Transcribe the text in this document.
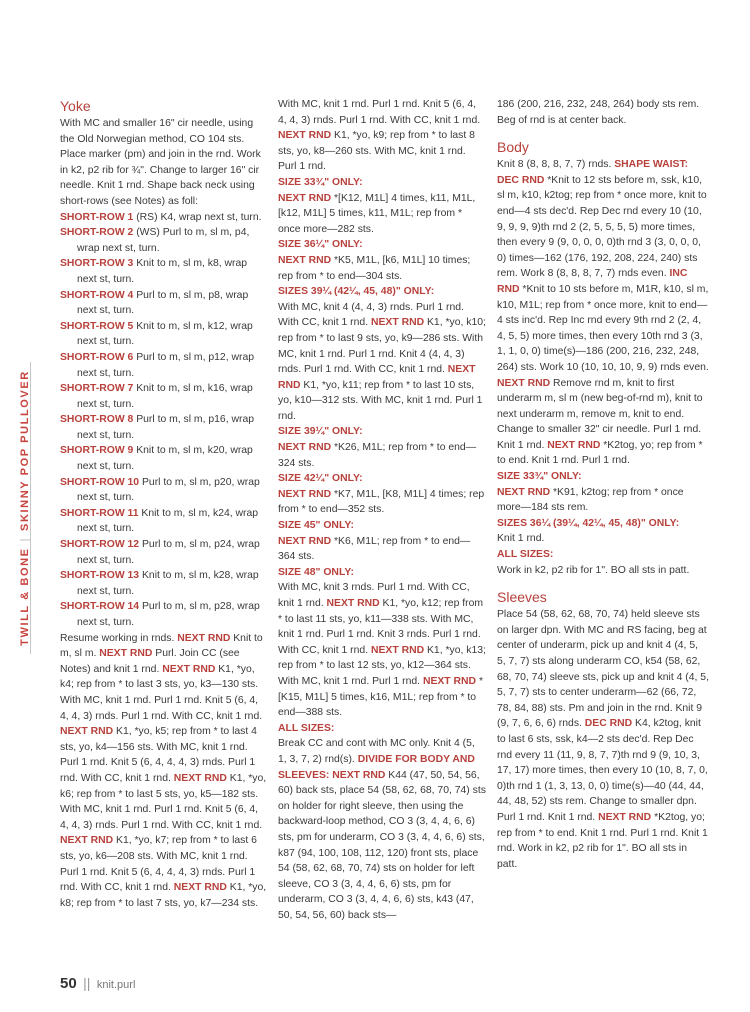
TWILL & BONE|SKINNY POP PULLOVER
Yoke

With MC and smaller 16" cir needle, using the Old Norwegian method, CO 104 sts. Place marker (pm) and join in the rnd. Work in k2, p2 rib for ¾". Change to larger 16" cir needle. Knit 1 rnd. Shape back neck using short-rows (see Notes) as foll:

SHORT-ROW 1 (RS) K4, wrap next st, turn.

SHORT-ROW 2 (WS) Purl to m, sl m, p4, wrap next st, turn.

SHORT-ROW 3 Knit to m, sl m, k8, wrap next st, turn.

SHORT-ROW 4 Purl to m, sl m, p8, wrap next st, turn.

SHORT-ROW 5 Knit to m, sl m, k12, wrap next st, turn.

SHORT-ROW 6 Purl to m, sl m, p12, wrap next st, turn.

SHORT-ROW 7 Knit to m, sl m, k16, wrap next st, turn.

SHORT-ROW 8 Purl to m, sl m, p16, wrap next st, turn.

SHORT-ROW 9 Knit to m, sl m, k20, wrap next st, turn.

SHORT-ROW 10 Purl to m, sl m, p20, wrap next st, turn.

SHORT-ROW 11 Knit to m, sl m, k24, wrap next st, turn.

SHORT-ROW 12 Purl to m, sl m, p24, wrap next st, turn.

SHORT-ROW 13 Knit to m, sl m, k28, wrap next st, turn.

SHORT-ROW 14 Purl to m, sl m, p28, wrap next st, turn.

Resume working in rnds. NEXT RND Knit to m, sl m. NEXT RND Purl. Join CC (see Notes) and knit 1 rnd. NEXT RND K1, *yo, k4; rep from * to last 3 sts, yo, k3—130 sts. With MC, knit 1 rnd. Purl 1 rnd. Knit 5 (6, 4, 4, 4, 3) rnds. Purl 1 rnd. With CC, knit 1 rnd. NEXT RND K1, *yo, k5; rep from * to last 4 sts, yo, k4—156 sts. With MC, knit 1 rnd. Purl 1 rnd. Knit 5 (6, 4, 4, 4, 3) rnds. Purl 1 rnd. With CC, knit 1 rnd. NEXT RND K1, *yo, k6; rep from * to last 5 sts, yo, k5—182 sts. With MC, knit 1 rnd. Purl 1 rnd. Knit 5 (6, 4, 4, 4, 3) rnds. Purl 1 rnd. With CC, knit 1 rnd. NEXT RND K1, *yo, k7; rep from * to last 6 sts, yo, k6—208 sts. With MC, knit 1 rnd. Purl 1 rnd. Knit 5 (6, 4, 4, 4, 3) rnds. Purl 1 rnd. With CC, knit 1 rnd. NEXT RND K1, *yo, k8; rep from * to last 7 sts, yo, k7—234 sts.

With MC, knit 1 rnd. Purl 1 rnd. Knit 5 (6, 4, 4, 4, 3) rnds. Purl 1 rnd. With CC, knit 1 rnd. NEXT RND K1, *yo, k9; rep from * to last 8 sts, yo, k8—260 sts. With MC, knit 1 rnd. Purl 1 rnd.

SIZE 33¾" ONLY:

NEXT RND *[K12, M1L] 4 times, k11, M1L, [k12, M1L] 5 times, k11, M1L; rep from * once more—282 sts.

SIZE 36¼" ONLY:

NEXT RND *K5, M1L, [k6, M1L] 10 times; rep from * to end—304 sts.

SIZES 39¼ (42¼, 45, 48)" ONLY:

With MC, knit 4 (4, 4, 3) rnds. Purl 1 rnd. With CC, knit 1 rnd. NEXT RND K1, *yo, k10; rep from * to last 9 sts, yo, k9—286 sts. With MC, knit 1 rnd. Purl 1 rnd. Knit 4 (4, 4, 3) rnds. Purl 1 rnd. With CC, knit 1 rnd. NEXT RND K1, *yo, k11; rep from * to last 10 sts, yo, k10—312 sts. With MC, knit 1 rnd. Purl 1 rnd.

SIZE 39¼" ONLY:

NEXT RND *K26, M1L; rep from * to end—324 sts.

SIZE 42¼" ONLY:

NEXT RND *K7, M1L, [K8, M1L] 4 times; rep from * to end—352 sts.

SIZE 45" ONLY:

NEXT RND *K6, M1L; rep from * to end—364 sts.

SIZE 48" ONLY:

With MC, knit 3 rnds. Purl 1 rnd. With CC, knit 1 rnd. NEXT RND K1, *yo, k12; rep from * to last 11 sts, yo, k11—338 sts. With MC, knit 1 rnd. Purl 1 rnd. Knit 3 rnds. Purl 1 rnd. With CC, knit 1 rnd. NEXT RND K1, *yo, k13; rep from * to last 12 sts, yo, k12—364 sts. With MC, knit 1 rnd. Purl 1 rnd. NEXT RND *[K15, M1L] 5 times, k16, M1L; rep from * to end—388 sts.

ALL SIZES:

Break CC and cont with MC only. Knit 4 (5, 1, 3, 7, 2) rnd(s). DIVIDE FOR BODY AND SLEEVES: NEXT RND K44 (47, 50, 54, 56, 60) back sts, place 54 (58, 62, 68, 70, 74) sts on holder for right sleeve, then using the backward-loop method, CO 3 (3, 4, 4, 6, 6) sts, pm for underarm, CO 3 (3, 4, 4, 6, 6) sts, k87 (94, 100, 108, 112, 120) front sts, place 54 (58, 62, 68, 70, 74) sts on holder for left sleeve, CO 3 (3, 4, 4, 6, 6) sts, pm for underarm, CO 3 (3, 4, 4, 6, 6) sts, k43 (47, 50, 54, 56, 60) back sts—

186 (200, 216, 232, 248, 264) body sts rem. Beg of rnd is at center back.

Body

Knit 8 (8, 8, 8, 7, 7) rnds. SHAPE WAIST: DEC RND *Knit to 12 sts before m, ssk, k10, sl m, k10, k2tog; rep from * once more, knit to end—4 sts dec'd. Rep Dec rnd every 10 (10, 9, 9, 9, 9)th rnd 2 (2, 5, 5, 5, 5) more times, then every 9 (9, 0, 0, 0, 0)th rnd 3 (3, 0, 0, 0, 0) times—162 (176, 192, 208, 224, 240) sts rem. Work 8 (8, 8, 8, 7, 7) rnds even. INC RND *Knit to 10 sts before m, M1R, k10, sl m, k10, M1L; rep from * once more, knit to end—4 sts inc'd. Rep Inc rnd every 9th rnd 2 (2, 4, 4, 5, 5) more times, then every 10th rnd 3 (3, 1, 1, 0, 0) time(s)—186 (200, 216, 232, 248, 264) sts. Work 10 (10, 10, 10, 9, 9) rnds even. NEXT RND Remove rnd m, knit to first underarm m, sl m (new beg-of-rnd m), knit to next underarm m, remove m, knit to end. Change to smaller 32" cir needle. Purl 1 rnd. Knit 1 rnd. NEXT RND *K2tog, yo; rep from * to end. Knit 1 rnd. Purl 1 rnd.

SIZE 33¾" ONLY:

NEXT RND *K91, k2tog; rep from * once more—184 sts rem.

SIZES 36¼ (39¼, 42¼, 45, 48)" ONLY:

Knit 1 rnd.

ALL SIZES:

Work in k2, p2 rib for 1". BO all sts in patt.

Sleeves

Place 54 (58, 62, 68, 70, 74) held sleeve sts on larger dpn. With MC and RS facing, beg at center of underarm, pick up and knit 4 (4, 5, 5, 7, 7) sts along underarm CO, k54 (58, 62, 68, 70, 74) sleeve sts, pick up and knit 4 (4, 5, 5, 7, 7) sts to center underarm—62 (66, 72, 78, 84, 88) sts. Pm and join in the rnd. Knit 9 (9, 7, 6, 6, 6) rnds. DEC RND K4, k2tog, knit to last 6 sts, ssk, k4—2 sts dec'd. Rep Dec rnd every 11 (11, 9, 8, 7, 7)th rnd 9 (9, 10, 3, 17, 17) more times, then every 10 (10, 8, 7, 0, 0)th rnd 1 (1, 3, 13, 0, 0) time(s)—40 (44, 44, 44, 48, 52) sts rem. Change to smaller dpn. Purl 1 rnd. Knit 1 rnd. NEXT RND *K2tog, yo; rep from * to end. Knit 1 rnd. Purl 1 rnd. Knit 1 rnd. Work in k2, p2 rib for 1". BO all sts in patt.

50 || knit.purl
